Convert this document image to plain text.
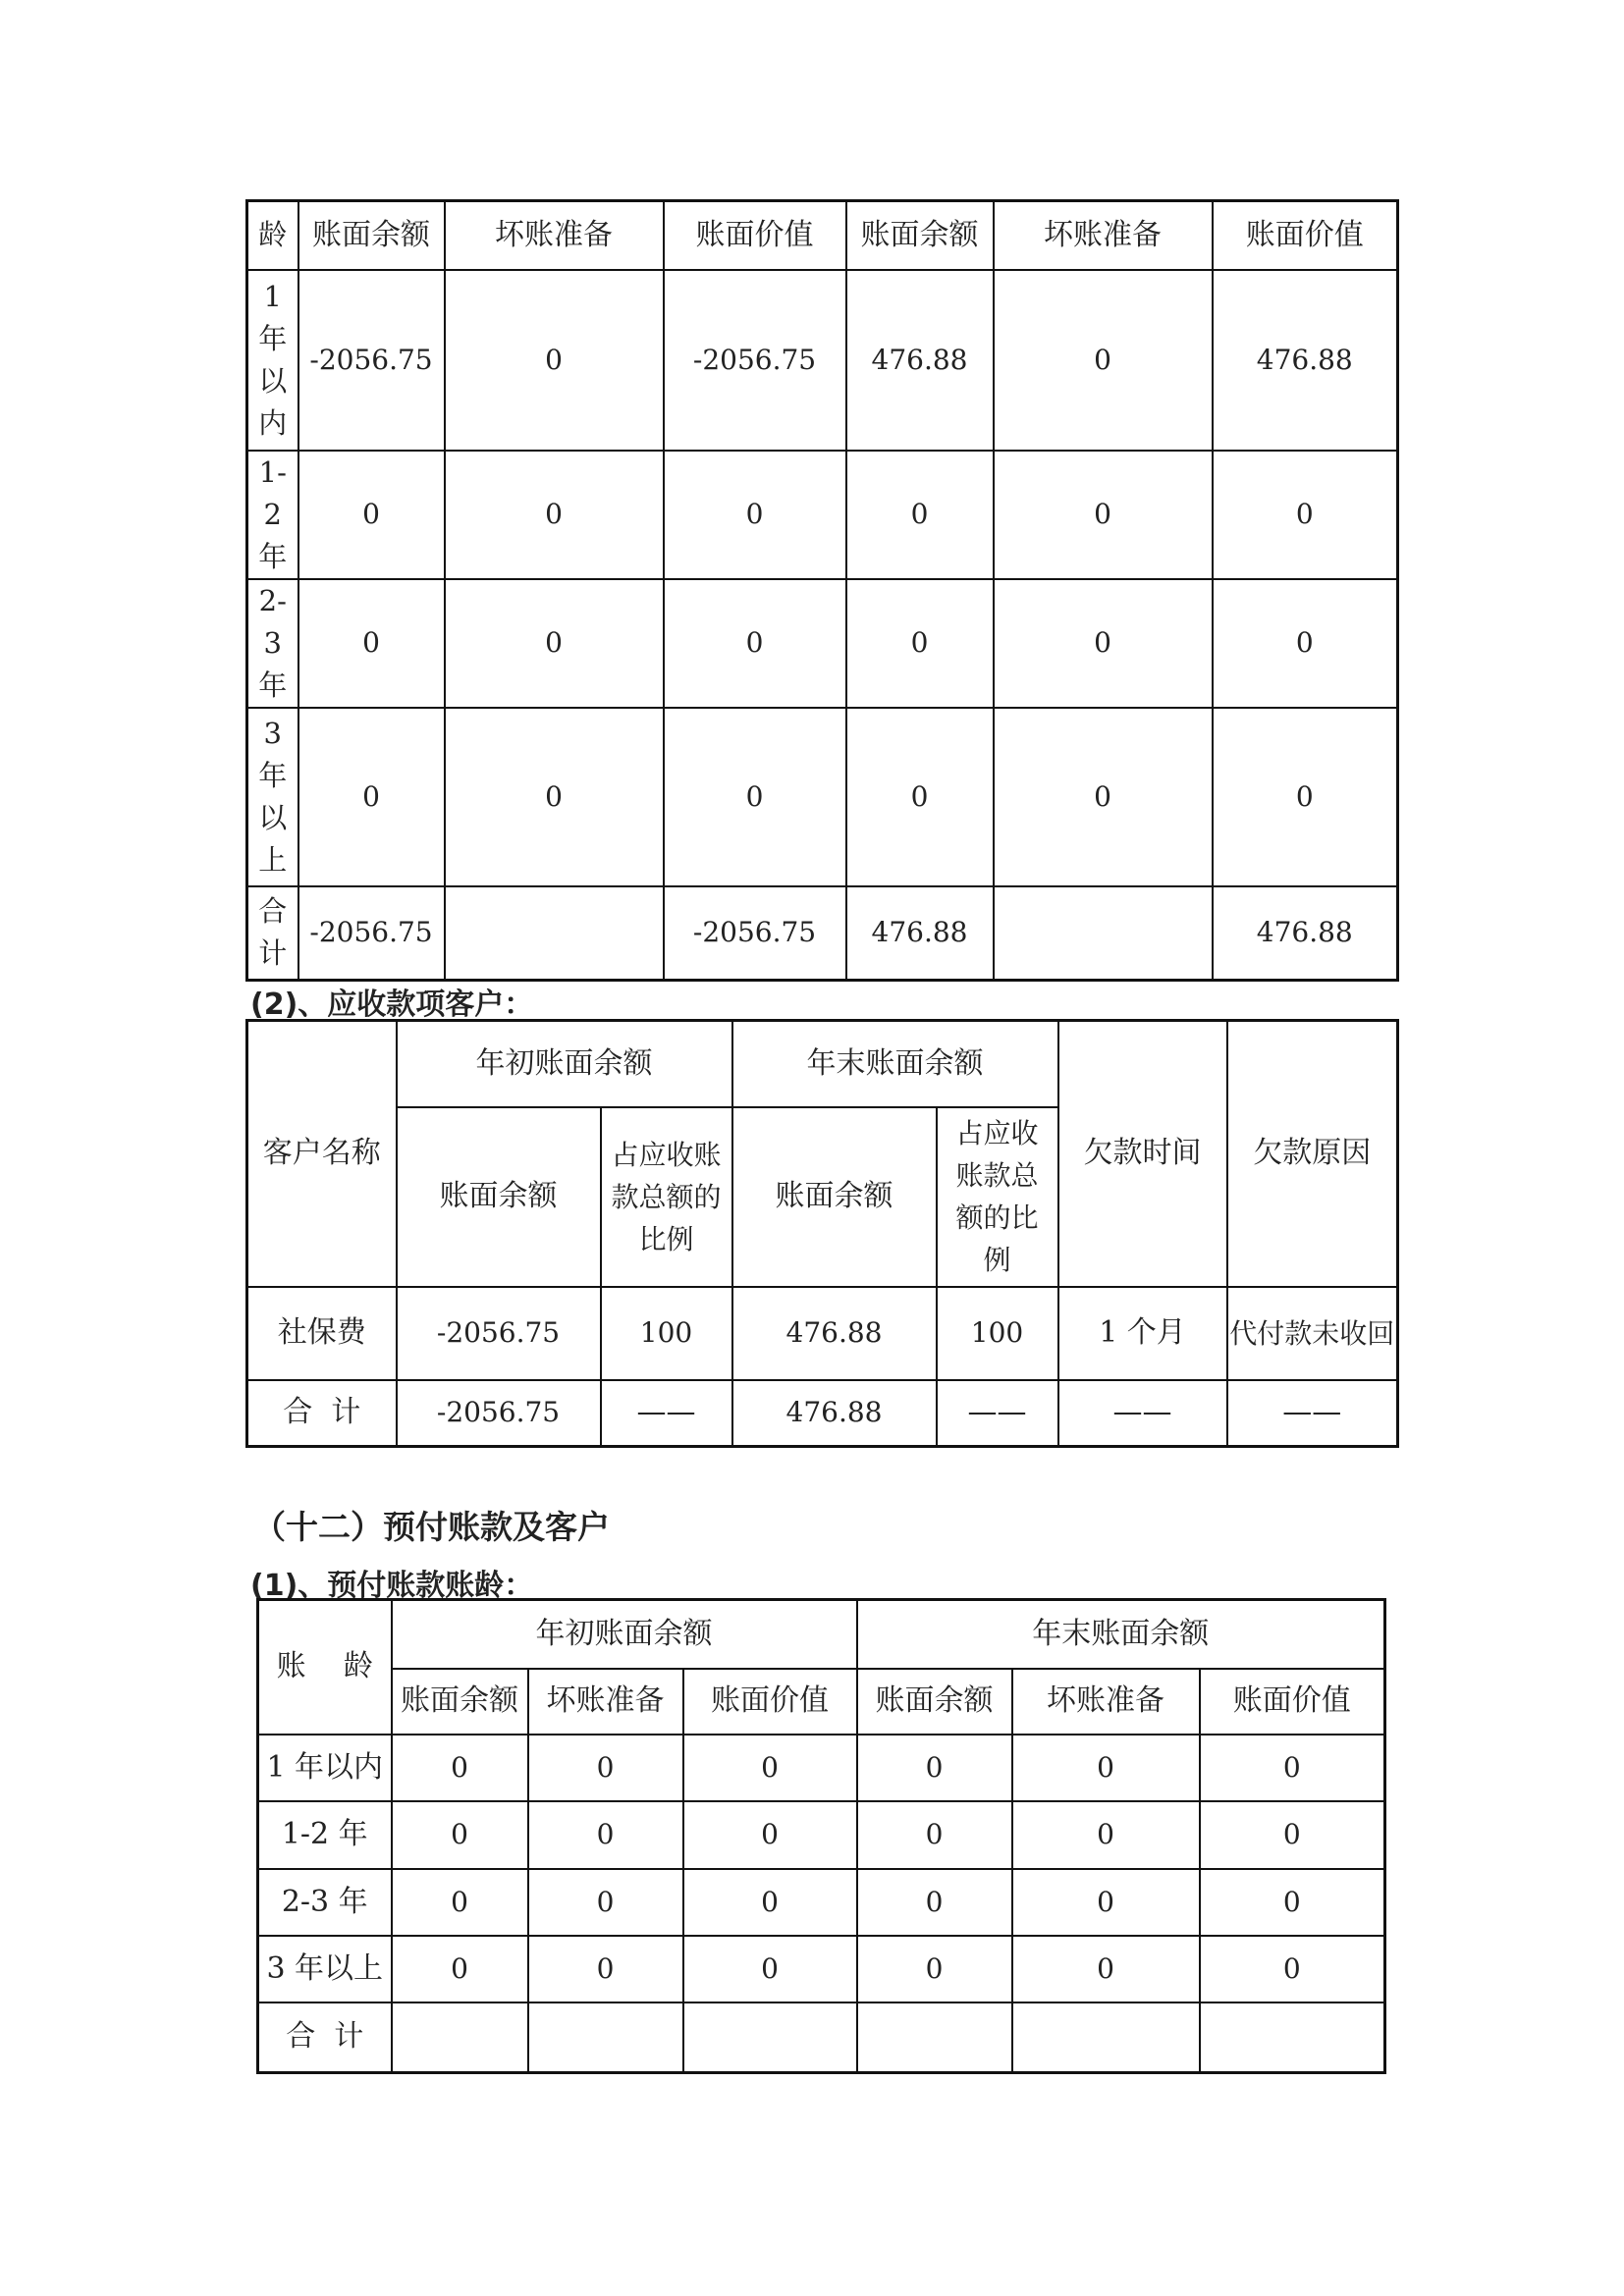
龄	账面余额	坏账准备	账面价值	账面余额	坏账准备	账面价值
1年以内	-2056.75	0	-2056.75	476.88	0	476.88
1-2年	0	0	0	0	0	0
2-3年	0	0	0	0	0	0
3年以上	0	0	0	0	0	0
合计	-2056.75		-2056.75	476.88		476.88
(2)、应收款项客户：
客户名称	年初账面余额		年末账面余额		欠款时间	欠款原因
	账面余额	占应收账款总额的比例	账面余额	占应收账款总额的比例		
社保费	-2056.75	100	476.88	100	1 个月	代付款未收回
合  计	-2056.75	——	476.88	——	——	——
（十二）预付账款及客户
(1)、预付账款账龄：
账    龄	年初账面余额			年末账面余额		
	账面余额	坏账准备	账面价值	账面余额	坏账准备	账面价值
1 年以内	0	0	0	0	0	0
1-2 年	0	0	0	0	0	0
2-3 年	0	0	0	0	0	0
3 年以上	0	0	0	0	0	0
合  计						
